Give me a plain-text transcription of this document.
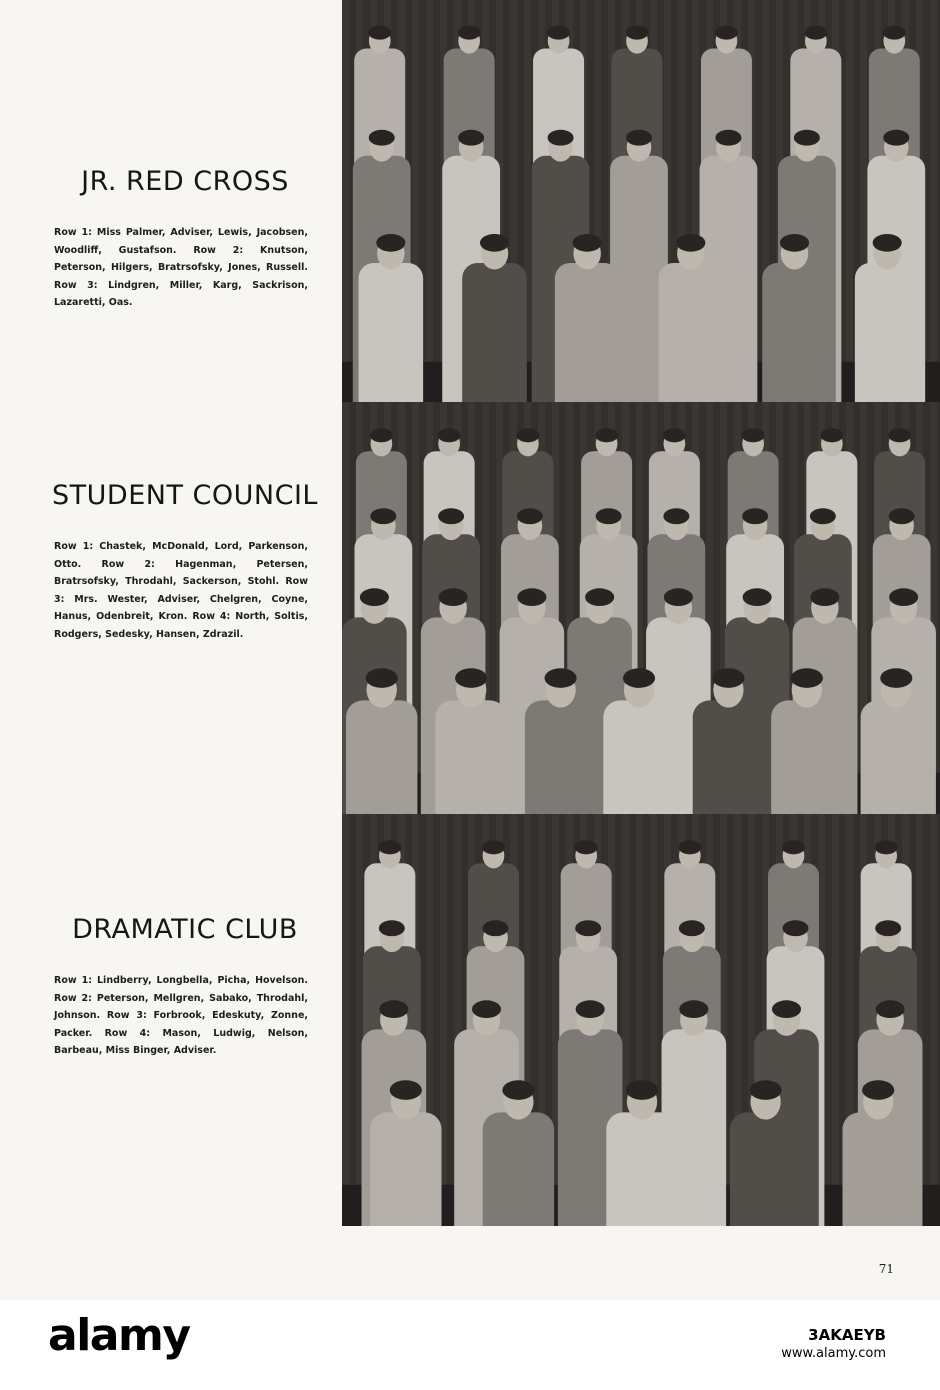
JR. RED CROSS

Row 1: Miss Palmer, Adviser, Lewis, Jacobsen, Woodliff, Gustafson. Row 2: Knutson, Peterson, Hilgers, Bratrsofsky, Jones, Russell. Row 3: Lindgren, Miller, Karg, Sackrison, Lazaretti, Oas.

STUDENT COUNCIL

Row 1: Chastek, McDonald, Lord, Parkenson, Otto. Row 2: Hagenman, Petersen, Bratrsofsky, Throdahl, Sackerson, Stohl. Row 3: Mrs. Wester, Adviser, Chelgren, Coyne, Hanus, Odenbreit, Kron. Row 4: North, Soltis, Rodgers, Sedesky, Hansen, Zdrazil.

DRAMATIC CLUB

Row 1: Lindberry, Longbella, Picha, Hovelson. Row 2: Peterson, Mellgren, Sabako, Throdahl, Johnson. Row 3: Forbrook, Edeskuty, Zonne, Packer. Row 4: Mason, Ludwig, Nelson, Barbeau, Miss Binger, Adviser.

71
alamy	3AKAEYB
www.alamy.com
